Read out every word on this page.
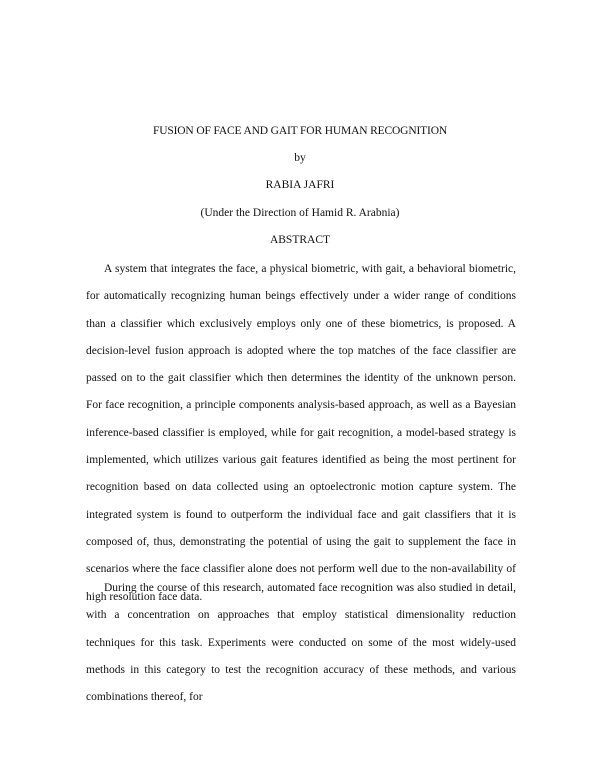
FUSION OF FACE AND GAIT FOR HUMAN RECOGNITION
by
RABIA JAFRI
(Under the Direction of Hamid R. Arabnia)
ABSTRACT

A system that integrates the face, a physical biometric, with gait, a behavioral biometric, for automatically recognizing human beings effectively under a wider range of conditions than a classifier which exclusively employs only one of these biometrics, is proposed. A decision-level fusion approach is adopted where the top matches of the face classifier are passed on to the gait classifier which then determines the identity of the unknown person. For face recognition, a principle components analysis-based approach, as well as a Bayesian inference-based classifier is employed, while for gait recognition, a model-based strategy is implemented, which utilizes various gait features identified as being the most pertinent for recognition based on data collected using an optoelectronic motion capture system. The integrated system is found to outperform the individual face and gait classifiers that it is composed of, thus, demonstrating the potential of using the gait to supplement the face in scenarios where the face classifier alone does not perform well due to the non-availability of high resolution face data.

During the course of this research, automated face recognition was also studied in detail, with a concentration on approaches that employ statistical dimensionality reduction techniques for this task. Experiments were conducted on some of the most widely-used methods in this category to test the recognition accuracy of these methods, and various combinations thereof, for
